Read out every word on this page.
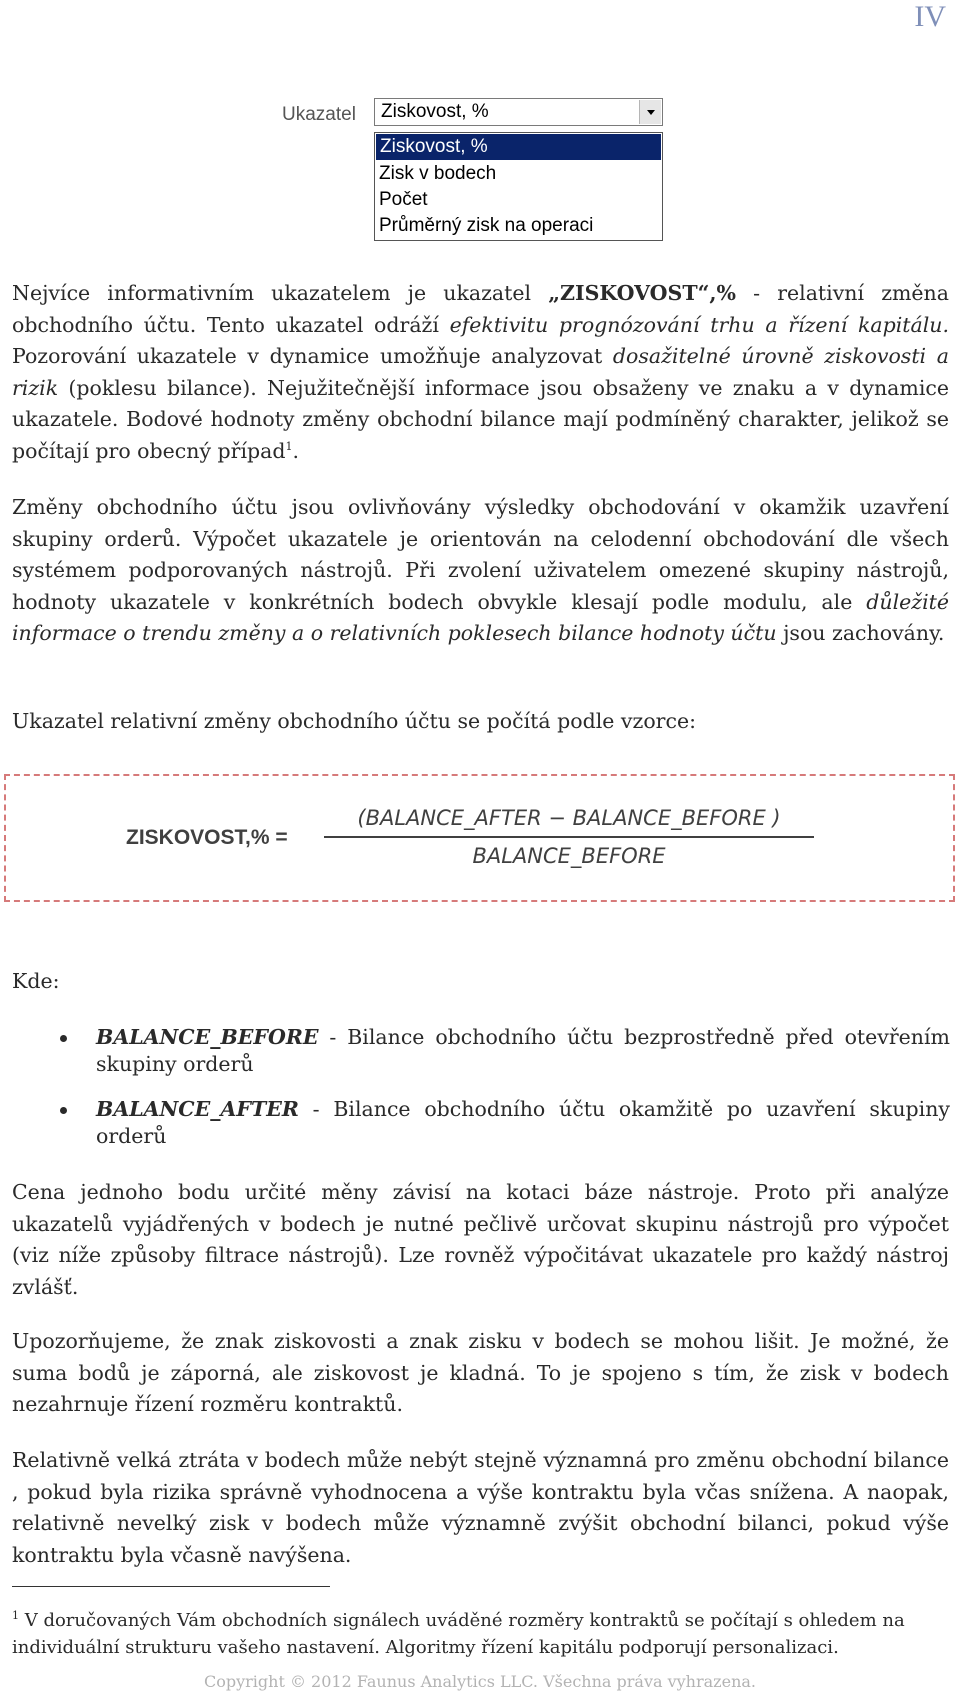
IV
Ukazatel Ziskovost, %
Ziskovost, %
Zisk v bodech
Počet
Průměrný zisk na operaci
Nejvíce informativním ukazatelem je ukazatel „ZISKOVOST“,% - relativní změna obchodního účtu. Tento ukazatel odráží efektivitu prognózování trhu a řízení kapitálu. Pozorování ukazatele v dynamice umožňuje analyzovat dosažitelné úrovně ziskovosti a rizik (poklesu bilance). Nejužitečnější informace jsou obsaženy ve znaku a v dynamice ukazatele. Bodové hodnoty změny obchodní bilance mají podmíněný charakter, jelikož se počítají pro obecný případ$^1$.
Změny obchodního účtu jsou ovlivňovány výsledky obchodování v okamžik uzavření skupiny orderů. Výpočet ukazatele je orientován na celodenní obchodování dle všech systémem podporovaných nástrojů. Při zvolení uživatelem omezené skupiny nástrojů, hodnoty ukazatele v konkrétních bodech obvykle klesají podle modulu, ale důležité informace o trendu změny a o relativních poklesech bilance hodnoty účtu jsou zachovány.
Ukazatel relativní změny obchodního účtu se počítá podle vzorce:
ZISKOVOST,% =
(BALANCE_AFTER − BALANCE_BEFORE )
BALANCE_BEFORE
Kde:
BALANCE_BEFORE - Bilance obchodního účtu bezprostředně před otevřením skupiny orderů
BALANCE_AFTER - Bilance obchodního účtu okamžitě po uzavření skupiny orderů
Cena jednoho bodu určité měny závisí na kotaci báze nástroje. Proto při analýze ukazatelů vyjádřených v bodech je nutné pečlivě určovat skupinu nástrojů pro výpočet (viz níže způsoby filtrace nástrojů). Lze rovněž výpočitávat ukazatele pro každý nástroj zvlášť.
Upozorňujeme, že znak ziskovosti a znak zisku v bodech se mohou lišit. Je možné, že suma bodů je záporná, ale ziskovost je kladná. To je spojeno s tím, že zisk v bodech nezahrnuje řízení rozměru kontraktů.
Relativně velká ztráta v bodech může nebýt stejně významná pro změnu obchodní bilance , pokud byla rizika správně vyhodnocena a výše kontraktu byla včas snížena. A naopak, relativně nevelký zisk v bodech může významně zvýšit obchodní bilanci, pokud výše kontraktu byla včasně navýšena.
$^1$ V doručovaných Vám obchodních signálech uváděné rozměry kontraktů se počítají s ohledem na individuální strukturu vašeho nastavení. Algoritmy řízení kapitálu podporují personalizaci.
Copyright © 2012 Faunus Analytics LLC. Všechna práva vyhrazena.
